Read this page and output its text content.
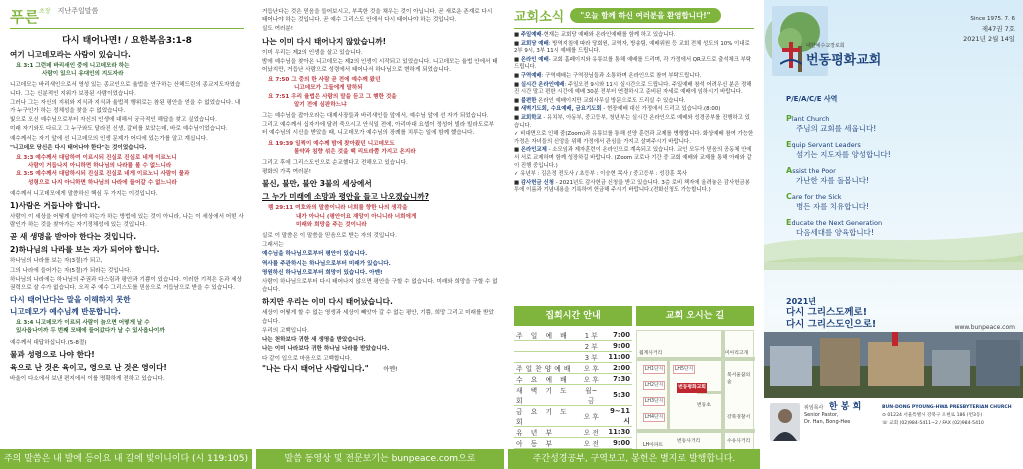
푸른$^{초장}$ 지난주일말씀
다시 태어나면! / 요한복음3:1-8
여기 니고데모라는 사람이 있습니다.
요 3:1 그런데 바리새인 중에 니고데모라 하는
사람이 있으니 유대인의 지도자라
니고데모는 바리새인으로서 영성 있는 종교인으로 율법을 연구하는 산헤드린의 종교지도자였습니다. 그는 신분적인 지위가 보장된 사람이었습니다.
그러나 그는 자신의 지위와 지식과 지식과 율법적 행위로는 참된 평안을 얻을 수 없었습니다. 내가 누구인가 하는 정체성을 찾을 수 없었습니다.
빛으로 오신 예수님으로부터 자신의 인생에 대해서 궁극적인 해답을 찾고 싶었습니다.
미래 자기와도 다르고 그 누구와도 달라진 신생, 갈비를 보았는데, 바로 예수님이었습니다.
예수께서는 자기 앞에 선 니고데모의 인생 문제가 어디에 있는가를 알고 계십니다.
"니고데모 당신은 다시 태어나야 한다"는 것이었습니다.
요 3:3 예수께서 대답하여 이르시되 진실로 진실로 네게 이르노니
사람이 거듭나지 아니하면 하나님의 나라를 볼 수 없느니라
요 3:5 예수께서 대답하시되 진실로 진실로 네게 이르노니 사람이 물과
성령으로 나지 아니하면 하나님의 나라에 들어갈 수 없느니라
예수께서 니고데모에게 말씀하신 핵심 두 가지는 이것입니다.
1)사람은 거듭나야 합니다.
사람이 이 세상을 어떻게 살아야 하는가 하는 방법에 있는 것이 아니라, 나는 이 세상에서 어떤 사람인가 하는 것을 찾아가는 자기정체성에 있는 것입니다.
곧 새 생명을 받아야 한다는 것입니다.
2)하나님의 나라를 보는 자가 되어야 합니다.
하나님의 나라를 보는 자(3절)가 되고,
그의 나라에 들어가는 자(5절)가 되라는 것입니다.
하나님의 나라에는 하나님의 주권과 다스림과 평안과 기쁨이 있습니다. 이러한 기적은 돈과 세상 권력으로 살 수가 없습니다. 오직 주 예수 그리스도를 믿음으로 거듭남으로 받을 수 있습니다.
다시 태어난다는 말을 이해하지 못한
니고데모가 예수님께 반문합니다.
요 3:4 니고데모가 이르되 사람이 늙으면 어떻게 날 수
있사옵나이까 두 번째 모태에 들어갔다가 날 수 있사옵나이까
예수께서 대답하십니다.(5-8절)
물과 성령으로 나야 한다!
육으로 난 것은 육이고, 영으로 난 것은 영이다!
바울이 다소에서 보낸 편지에서 이를 명확하게 전하고 있습니다.
거듭난다는 것은 믿음을 들어보시고, 부족한 것을 채우는 것이 아닙니다. 곧 새로운 존재로 다시 태어나야 하는 것입니다. 곧 예수 그리스도 안에서 다시 태어나야 하는 것입니다.
실도 여러분!
나는 이미 다시 태어나지 않았습니까!
이미 우리는 제2의 인생을 살고 있습니다.
밤에 예수님을 찾아온 니고데모는 제2의 인생이 시작되고 있었습니다. 니고데모는 율법 안에서 태어났지만, 거듭난 사람으로 성령에서 태어나서 하나님으로 변하게 되었습니다.
요 7:50 그 중의 한 사람 곧 전에 예수께 왔던
니고데모가 그들에게 말하되
요 7:51 우리 율법은 사람의 말을 듣고 그 행한 것을
알기 전에 심판하느냐
그는 예수님을 잡아오라는 대제사장들과 바리새인들 앞에서, 예수님 앞에 선 자가 되었습니다.
그리고 예수께서 십자가에 달려 죽으시고 안식일 전에, 아리마대 요셉이 정성어 빌라 빌라도로부터 예수님의 시신을 받았을 때, 니고데모가 예수님의 장례를 치루는 일에 함께 했습니다.
요 19:39 일찍이 예수께 밤에 찾아왔던 니고데모도
몰약과 침향 섞은 것을 백 리트라쯤 가지고 온지라
그리고 후에 그리스도인으로 순교했다고 전해오고 있습니다.
평화의 가족 여러분!
불신, 불만, 불안 3불의 세상에서
그 누가 미래에 소망과 평안을 들고 나오겠습니까?
렘 29:11 여호와의 말씀이니라 너희를 향한 나의 생각을
내가 아나니 (평안이요 재앙이 아니니라 너희에게
미래와 희망을 주는 것이니라
실로 이 말씀은 이 말씀을 믿음으로 받는 자의 것입니다.
그래서는
예수님을 하나님으로부터 평안이 있습니다.
역사를 주관하시는 하나님으로부터 미래가 있습니다.
영원하신 하나님으로부터 희망이 있습니다. 아멘!
사람이 하나님으로부터 다시 태어나지 않으면 평안을 구할 수 없습니다. 미래와 희망을 구할 수 없습니다.
하지만 우리는 이미 다시 태어났습니다.
세상이 어떻게 할 수 없는 영생과 세상이 빼앗아 갈 수 없는 평안, 기쁨, 희망 그리고 미래를 받았습니다.
우리의 고백입니다.
나는 천하보다 귀한 새 생명을 받았습니다.
나는 이미 나라보다 귀한 하나님 나라를 받았습니다.
다 같이 입으로 마음으로 고백합니다.
"나는 다시 태어난 사람입니다." 아멘!
교회소식	"오늘 함께 하신 여러분을 환영합니다!"
■ 주일예배-현재는 교회당 예배와 온라인예배를 함께 하고 있습니다.
■ 교회당 예배: 방역지침에 따라 당회원, 교역자, 방송팀, 예배위원 등 교회 전체 성도의 10% 이내로 2부 9시, 3부 11시 예배를 드립니다.
■ 온라인 예배- 교회 홈페이지와 유튜브를 통해 예배를 드리며, 각 가정에서 QR코드로 출석체크 부탁드립니다.
■ 구역예배: 구역예배는 구역장님들과 소통하며 온라인으로 참여 부탁드립니다.
■ 실시간 온라인예배: 주일오전 9시와 11시 실시간으로 드립니다. 주일예배 참석 어려우신 분은 정해진 시간 말고 편한 시간에 예배 30분 전부터 연결하시고 준비된 자세로 예배에 임하시기 바랍니다.
■ 불편한 온라인 예배이지만 교회사무실 방문으로도 드리실 수 있습니다.
■ 새벽기도회, 수요예배, 금요기도회 - 현장예배 대신 가정에서 드리고 있습니다.(8:00)
■ 교회학교 - 유치부, 아동부, 중고등부, 청년부는 실시간 온라인으로 예배와 성경공부를 진행하고 있습니다.
✓ 비대면으로 인해 줌(Zoom)과 유튜브를 통해 선양 훈련과 교제를 병행합니다. 화상예배 참여 가능한 가정은 자녀들의 신앙을 위해 가정에서 관심을 가지고 살펴주시기 바랍니다.
■ 온라인교제 - 소모임과 제자훈련이 온라인으로 계속되고 있습니다. 교인 모두가 믿음의 공동체 안에서 서로 교제하며 함께 성장하길 바랍니다. (Zoom 코로나 기간 중 교회 예배와 교제를 통해 아래와 같이 진행 중입니다.)
✓ 유년부 : 김은정 전도사 / 초등부 : 이승현 목사 / 중고등부 : 성강훈 목사
■ 감사헌금 신청 - 2021년도 감사헌금 신청을 받고 있습니다. 3층 로비 책자에 올려놓은 감사헌금봉투에 이름과 기념내용을 기록하여 헌금해 주시기 바랍니다.(전화신청도 가능합니다.)
집회시간 안내
주 일 예 배	1 부	7:00
	2 부	9:00
	3 부	11:00
주일찬양예배	오 후	2:00
수 요 예 배	오 후	7:30
새 벽 기 도 회	월~금	5:30
금 요 기 도 회	오 후	9~11시
유 년 부	오 전	11:30
아 동 부	오 전	9:00

교회 오시는 길
월계사거리	미아리고개
LH1단지
LH2단지
LH3단지
LH4단지
LH5단지
번동평화교회
번동초
북서울꿈의숲
강북경찰서
수유사거리
LH아파트
번동사거리
Since 1975. 7. 6
제47권 7호
2021년 2월 14일
대한예수교장로회
번동평화교회
P/E/A/C/E 사역
Plant Church
주님의 교회를 세웁니다!
Equip Servant Leaders
섬기는 지도자를 양성합니다!
Assist the Poor
가난한 자를 돌봅니다!
Care for the Sick
병든 자를 치유합니다!
Educate the Next Generation
다음세대를 양육합니다!
2021년
다시 그리스도께로!
다시 그리스도인으로!	www.bunpeace.com
위임목사 한 봉 희
Senior Pastor,
Dr. Han, Bong-Hee
BUN-DONG PYOUNG-HWA PRESBYTERIAN CHURCH
⊙ 01224 서울특별시 강북구 오현로 186 (번3동)
☏ 교회 (02)984-5411~2 / FAX (02)984-5410
주의 말씀은 내 발에 등이요 내 길에 빛이니이다 (시 119:105)	말씀 동영상 및 전문보기는 bunpeace.com으로	주간성경공부, 구역보고, 봉헌은 별지로 발행합니다.
